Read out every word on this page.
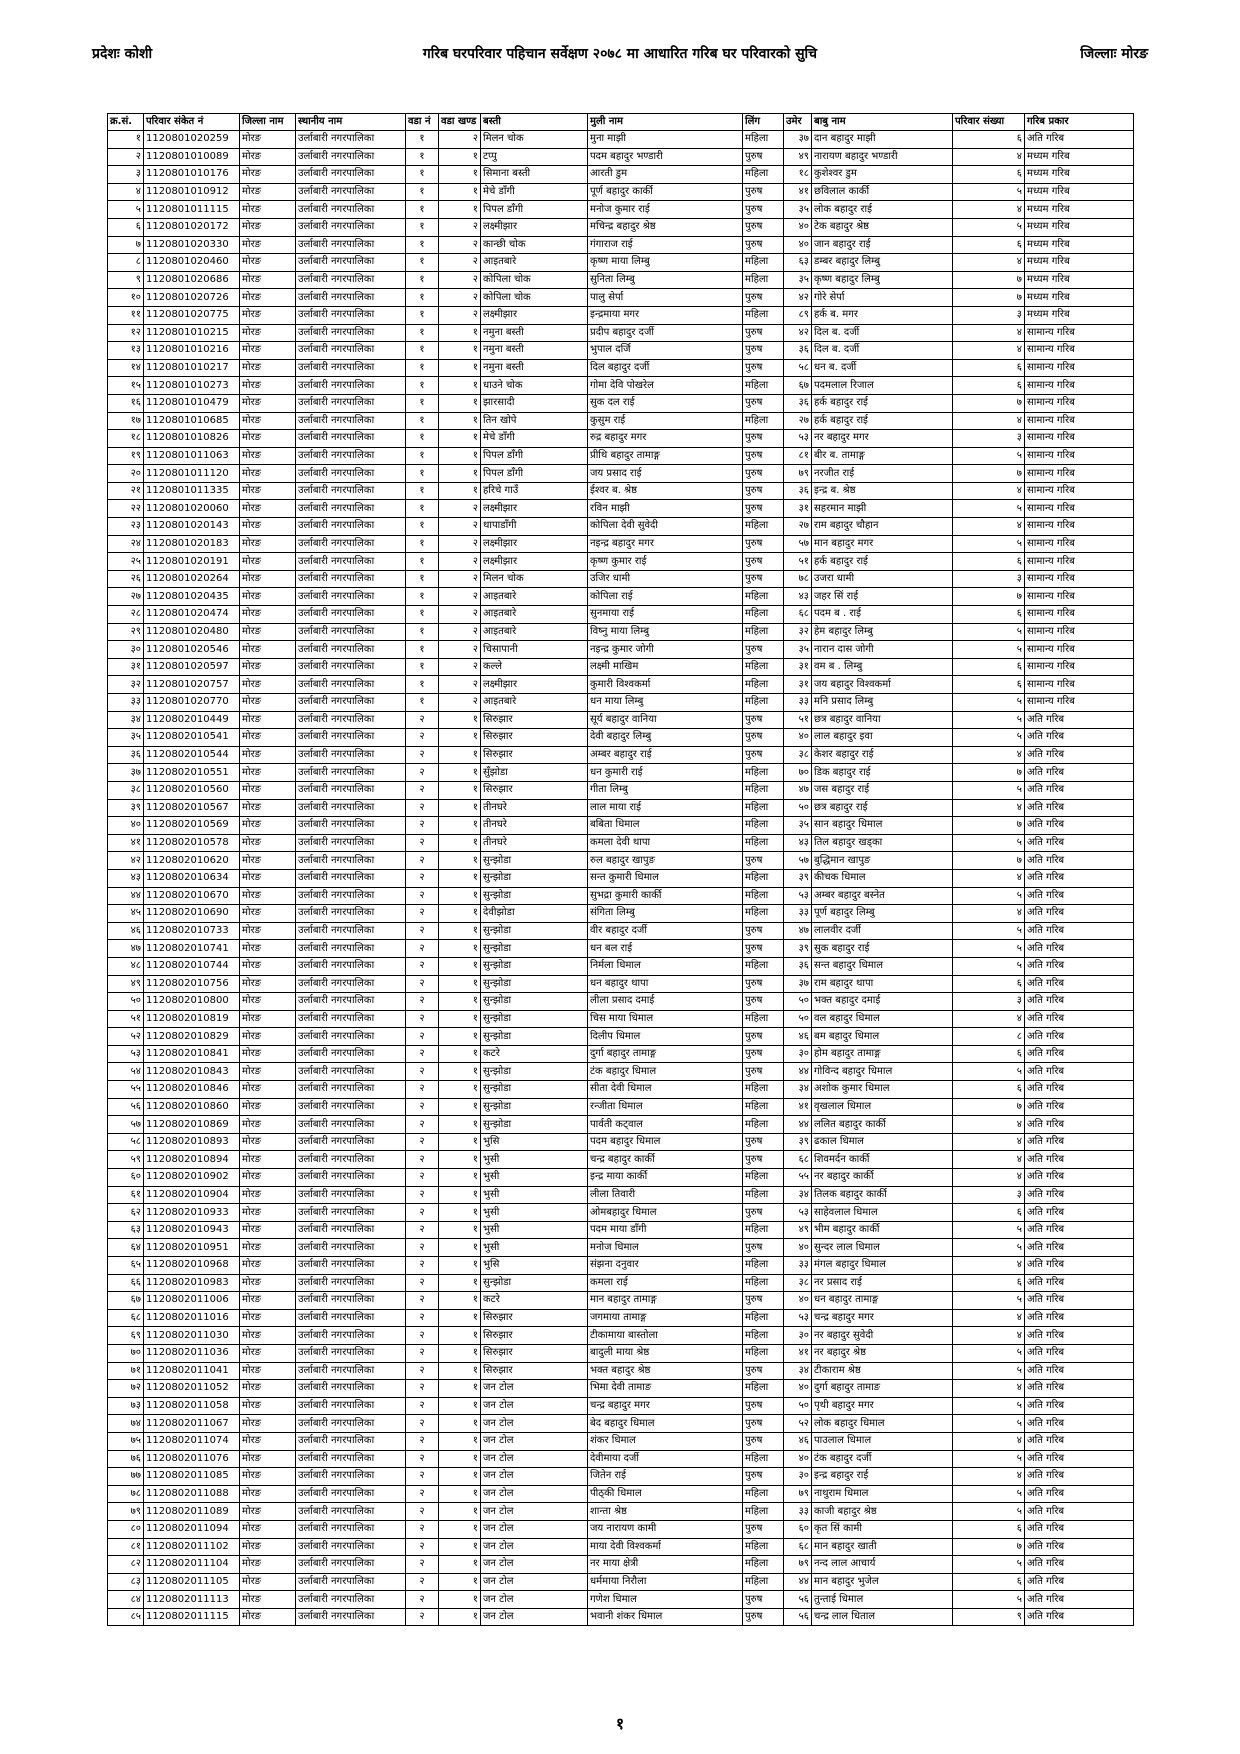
प्रदेशः कोशी	गरिब घरपरिवार पहिचान सर्वेक्षण २०७८ मा आधारित गरिब घर परिवारको सुचि	जिल्लाः मोरङ
क्र.सं.	परिवार संकेत नं	जिल्ला नाम	स्थानीय नाम	वडा नं	वडा खण्ड	बस्ती	मुली नाम	लिंग	उमेर	बाबु नाम	परिवार संख्या	गरिब प्रकार
१	1120801020259	मोरङ	उर्लाबारी नगरपालिका	१	२	मिलन चोक	मुना माझी	महिला	३७	दान बहादुर माझी	६	अति गरिब
२	1120801010089	मोरङ	उर्लाबारी नगरपालिका	१	१	टप्पु	पदम बहादुर भण्डारी	पुरुष	४९	नारायण बहादुर भण्डारी	४	मध्यम गरिब
३	1120801010176	मोरङ	उर्लाबारी नगरपालिका	१	१	सिमाना बस्ती	आरती डुम	महिला	१८	कुशेश्वर डुम	६	मध्यम गरिब
४	1120801010912	मोरङ	उर्लाबारी नगरपालिका	१	१	मेचे डाँगी	पूर्ण बहादुर कार्की	पुरुष	४१	छविलाल कार्की	५	मध्यम गरिब
५	1120801011115	मोरङ	उर्लाबारी नगरपालिका	१	१	पिपल डाँगी	मनोज कुमार राई	पुरुष	३५	लोक बहादुर राई	४	मध्यम गरिब
६	1120801020172	मोरङ	उर्लाबारी नगरपालिका	१	२	लक्ष्मीझार	मचिन्द्र बहादुर श्रेष्ठ	पुरुष	४०	टेक बहादुर श्रेष्ठ	५	मध्यम गरिब
७	1120801020330	मोरङ	उर्लाबारी नगरपालिका	१	२	कान्छी चोक	गंगाराज राई	पुरुष	४०	जान बहादुर राई	६	मध्यम गरिब
८	1120801020460	मोरङ	उर्लाबारी नगरपालिका	१	२	आइतबारे	कृष्ण माया लिम्बु	महिला	६३	डम्बर बहादुर लिम्बु	४	मध्यम गरिब
९	1120801020686	मोरङ	उर्लाबारी नगरपालिका	१	२	कोपिला चोक	सुनिता लिम्बु	महिला	३५	कृष्ण बहादुर लिम्बु	७	मध्यम गरिब
१०	1120801020726	मोरङ	उर्लाबारी नगरपालिका	१	२	कोपिला चोक	पालु सेर्पा	पुरुष	४२	गोरे सेर्पा	७	मध्यम गरिब
११	1120801020775	मोरङ	उर्लाबारी नगरपालिका	१	२	लक्ष्मीझार	इन्द्रमाया मगर	महिला	८९	हर्क ब. मगर	३	मध्यम गरिब
१२	1120801010215	मोरङ	उर्लाबारी नगरपालिका	१	१	नमुना बस्ती	प्रदीप बहादुर दर्जी	पुरुष	४२	दिल ब. दर्जी	४	सामान्य गरिब
१३	1120801010216	मोरङ	उर्लाबारी नगरपालिका	१	१	नमुना बस्ती	भुपाल दर्जि	पुरुष	३६	दिल ब. दर्जी	४	सामान्य गरिब
१४	1120801010217	मोरङ	उर्लाबारी नगरपालिका	१	१	नमुना बस्ती	दिल बहादुर दर्जी	पुरुष	५८	धन ब. दर्जी	६	सामान्य गरिब
१५	1120801010273	मोरङ	उर्लाबारी नगरपालिका	१	१	धाउने चोक	गोमा देवि पोखरेल	महिला	६७	पदमलाल रिजाल	६	सामान्य गरिब
१६	1120801010479	मोरङ	उर्लाबारी नगरपालिका	१	१	झारसादी	सुक दल राई	पुरुष	३६	हर्क बहादुर राई	७	सामान्य गरिब
१७	1120801010685	मोरङ	उर्लाबारी नगरपालिका	१	१	तिन खोपे	कुसुम राई	महिला	२७	हर्क बहादुर राई	४	सामान्य गरिब
१८	1120801010826	मोरङ	उर्लाबारी नगरपालिका	१	१	मेचे डाँगी	रुद्र बहादुर मगर	पुरुष	५३	नर बहादुर मगर	३	सामान्य गरिब
१९	1120801011063	मोरङ	उर्लाबारी नगरपालिका	१	१	पिपल डाँगी	प्रीथि बहादुर तामाङ्ग	पुरुष	८१	बीर ब. तामाङ्ग	५	सामान्य गरिब
२०	1120801011120	मोरङ	उर्लाबारी नगरपालिका	१	१	पिपल डाँगी	जय प्रसाद राई	पुरुष	७९	नरजीत राई	७	सामान्य गरिब
२१	1120801011335	मोरङ	उर्लाबारी नगरपालिका	१	१	हरिचे गाउँ	ईश्वर ब. श्रेष्ठ	पुरुष	३६	इन्द्र ब. श्रेष्ठ	४	सामान्य गरिब
२२	1120801020060	मोरङ	उर्लाबारी नगरपालिका	१	२	लक्ष्मीझार	रविन माझी	पुरुष	३१	सहरमान माझी	५	सामान्य गरिब
२३	1120801020143	मोरङ	उर्लाबारी नगरपालिका	१	२	थापाडाँगी	कोपिला देवी सुवेदी	महिला	२७	राम बहादुर चौहान	४	सामान्य गरिब
२४	1120801020183	मोरङ	उर्लाबारी नगरपालिका	१	२	लक्ष्मीझार	नइन्द्र बहादुर मगर	पुरुष	५७	मान बहादुर मगर	५	सामान्य गरिब
२५	1120801020191	मोरङ	उर्लाबारी नगरपालिका	१	२	लक्ष्मीझार	कृष्ण कुमार राई	पुरुष	५१	हर्क बहादुर राई	६	सामान्य गरिब
२६	1120801020264	मोरङ	उर्लाबारी नगरपालिका	१	२	मिलन चोक	उजिर धामी	पुरुष	७८	उजरा धामी	३	सामान्य गरिब
२७	1120801020435	मोरङ	उर्लाबारी नगरपालिका	१	२	आइतबारे	कोपिला राई	महिला	४३	जहर सिं राई	७	सामान्य गरिब
२८	1120801020474	मोरङ	उर्लाबारी नगरपालिका	१	२	आइतबारे	सुनमाया राई	महिला	६८	पदम ब . राई	६	सामान्य गरिब
२९	1120801020480	मोरङ	उर्लाबारी नगरपालिका	१	२	आइतबारे	विष्नु माया लिम्बु	महिला	३२	हेम बहादुर लिम्बु	५	सामान्य गरिब
३०	1120801020546	मोरङ	उर्लाबारी नगरपालिका	१	२	चिसापानी	नइन्द्र कुमार जोगी	पुरुष	३५	नारान दास जोगी	५	सामान्य गरिब
३१	1120801020597	मोरङ	उर्लाबारी नगरपालिका	१	२	कल्ले	लक्ष्मी माखिम	महिला	३१	वम ब . लिम्बु	६	सामान्य गरिब
३२	1120801020757	मोरङ	उर्लाबारी नगरपालिका	१	२	लक्ष्मीझार	कुमारी विश्वकर्मा	महिला	३१	जय बहादुर विश्वकर्मा	६	सामान्य गरिब
३३	1120801020770	मोरङ	उर्लाबारी नगरपालिका	१	२	आइतबारे	धन माया लिम्बु	महिला	३३	मनि प्रसाद लिम्बु	५	सामान्य गरिब
३४	1120802010449	मोरङ	उर्लाबारी नगरपालिका	२	१	सिरुझार	सूर्य बहादुर वानिया	पुरुष	५१	छत्र बहादुर वानिया	५	अति गरिब
३५	1120802010541	मोरङ	उर्लाबारी नगरपालिका	२	१	सिरुझार	देवी बहादुर लिम्बु	पुरुष	४०	लाल बहादुर इवा	५	अति गरिब
३६	1120802010544	मोरङ	उर्लाबारी नगरपालिका	२	१	सिरुझार	अम्बर बहादुर राई	पुरुष	३८	केशर बहादुर राई	४	अति गरिब
३७	1120802010551	मोरङ	उर्लाबारी नगरपालिका	२	१	सुँझोडा	धन कुमारी राई	महिला	७०	डिक बहादुर राई	७	अति गरिब
३८	1120802010560	मोरङ	उर्लाबारी नगरपालिका	२	१	सिरुझार	गीता लिम्बु	महिला	४७	जस बहादुर राई	५	अति गरिब
३९	1120802010567	मोरङ	उर्लाबारी नगरपालिका	२	१	तीनघरे	लाल माया राई	महिला	५०	छत्र बहादुर राई	४	अति गरिब
४०	1120802010569	मोरङ	उर्लाबारी नगरपालिका	२	१	तीनघरे	बबिता धिमाल	महिला	३५	सान बहादुर धिमाल	७	अति गरिब
४१	1120802010578	मोरङ	उर्लाबारी नगरपालिका	२	१	तीनघरे	कमला देवी थापा	महिला	४३	तिल बहादुर खड्का	५	अति गरिब
४२	1120802010620	मोरङ	उर्लाबारी नगरपालिका	२	१	सुन्झोडा	रुल बहादुर खापुङ	पुरुष	५७	बुद्धिमान खापुङ	७	अति गरिब
४३	1120802010634	मोरङ	उर्लाबारी नगरपालिका	२	१	सुन्झोडा	सन्त कुमारी धिमाल	महिला	३९	कीचक धिमाल	४	अति गरिब
४४	1120802010670	मोरङ	उर्लाबारी नगरपालिका	२	१	सुन्झोडा	सुभद्रा कुमारी कार्की	महिला	५३	अम्बर बहादुर बस्नेत	५	अति गरिब
४५	1120802010690	मोरङ	उर्लाबारी नगरपालिका	२	१	देवीझोडा	संगिता लिम्बु	महिला	३३	पूर्ण बहादुर लिम्बु	४	अति गरिब
४६	1120802010733	मोरङ	उर्लाबारी नगरपालिका	२	१	सुन्झोडा	वीर बहादुर दर्जी	पुरुष	४७	लालवीर दर्जी	५	अति गरिब
४७	1120802010741	मोरङ	उर्लाबारी नगरपालिका	२	१	सुन्झोडा	धन बल राई	पुरुष	३९	सुक बहादुर राई	५	अति गरिब
४८	1120802010744	मोरङ	उर्लाबारी नगरपालिका	२	१	सुन्झोडा	निर्मला धिमाल	महिला	३६	सन्त बहादुर धिमाल	५	अति गरिब
४९	1120802010756	मोरङ	उर्लाबारी नगरपालिका	२	१	सुन्झोडा	धन बहादुर थापा	पुरुष	३७	राम बहादुर थापा	६	अति गरिब
५०	1120802010800	मोरङ	उर्लाबारी नगरपालिका	२	१	सुन्झोडा	लीला प्रसाद दमाई	पुरुष	५०	भक्त बहादुर दमाई	३	अति गरिब
५१	1120802010819	मोरङ	उर्लाबारी नगरपालिका	२	१	सुन्झोडा	चिस माया धिमाल	महिला	५०	वल बहादुर धिमाल	४	अति गरिब
५२	1120802010829	मोरङ	उर्लाबारी नगरपालिका	२	१	सुन्झोडा	दिलीप धिमाल	पुरुष	४६	बम बहादुर धिमाल	८	अति गरिब
५३	1120802010841	मोरङ	उर्लाबारी नगरपालिका	२	१	कटरे	दुर्गा बहादुर तामाङ्ग	पुरुष	३०	होम बहादुर तामाङ्ग	६	अति गरिब
५४	1120802010843	मोरङ	उर्लाबारी नगरपालिका	२	१	सुन्झोडा	टंक बहादुर धिमाल	पुरुष	४४	गोविन्द बहादुर धिमाल	५	अति गरिब
५५	1120802010846	मोरङ	उर्लाबारी नगरपालिका	२	१	सुन्झोडा	सीता देवी धिमाल	महिला	३४	अशोक कुमार धिमाल	६	अति गरिब
५६	1120802010860	मोरङ	उर्लाबारी नगरपालिका	२	१	सुन्झोडा	रन्जीता धिमाल	महिला	४१	वृखलाल धिमाल	७	अति गरिब
५७	1120802010869	मोरङ	उर्लाबारी नगरपालिका	२	१	सुन्झोडा	पार्वती कट्वाल	महिला	४४	ललित बहादुर कार्की	४	अति गरिब
५८	1120802010893	मोरङ	उर्लाबारी नगरपालिका	२	१	भुसि	पदम बहादुर धिमाल	पुरुष	३९	ढकाल धिमाल	४	अति गरिब
५९	1120802010894	मोरङ	उर्लाबारी नगरपालिका	२	१	भुसी	चन्द्र बहादुर कार्की	पुरुष	६८	शिवमर्दन कार्की	४	अति गरिब
६०	1120802010902	मोरङ	उर्लाबारी नगरपालिका	२	१	भुसी	इन्द्र माया कार्की	महिला	५५	नर बहादुर कार्की	४	अति गरिब
६१	1120802010904	मोरङ	उर्लाबारी नगरपालिका	२	१	भुसी	लीला तिवारी	महिला	३४	तिलक बहादुर कार्की	३	अति गरिब
६२	1120802010933	मोरङ	उर्लाबारी नगरपालिका	२	१	भुसी	ओमबहादुर धिमाल	पुरुष	५३	साहेवलाल धिमाल	६	अति गरिब
६३	1120802010943	मोरङ	उर्लाबारी नगरपालिका	२	१	भुसी	पदम माया डाँगी	महिला	४९	भीम बहादुर कार्की	५	अति गरिब
६४	1120802010951	मोरङ	उर्लाबारी नगरपालिका	२	१	भुसी	मनोज धिमाल	पुरुष	४०	सुन्दर लाल धिमाल	५	अति गरिब
६५	1120802010968	मोरङ	उर्लाबारी नगरपालिका	२	१	भुसि	संझना दनुवार	महिला	३३	मंगल बहादुर धिमाल	४	अति गरिब
६६	1120802010983	मोरङ	उर्लाबारी नगरपालिका	२	१	सुन्झोडा	कमला राई	महिला	३८	नर प्रसाद राई	६	अति गरिब
६७	1120802011006	मोरङ	उर्लाबारी नगरपालिका	२	१	कटरे	मान बहादुर तामाङ्ग	पुरुष	४०	धन बहादुर तामाङ्ग	५	अति गरिब
६८	1120802011016	मोरङ	उर्लाबारी नगरपालिका	२	१	सिरुझार	जगमाया तामाङ्ग	महिला	५३	चन्द्र बहादुर मगर	४	अति गरिब
६९	1120802011030	मोरङ	उर्लाबारी नगरपालिका	२	१	सिरुझार	टीकामाया बास्तोला	महिला	३०	नर बहादुर सुवेदी	४	अति गरिब
७०	1120802011036	मोरङ	उर्लाबारी नगरपालिका	२	१	सिरुझार	बादुली माया श्रेष्ठ	महिला	४१	नर बहादुर श्रेष्ठ	५	अति गरिब
७१	1120802011041	मोरङ	उर्लाबारी नगरपालिका	२	१	सिरुझार	भक्त बहादुर श्रेष्ठ	पुरुष	३४	टीकाराम श्रेष्ठ	५	अति गरिब
७२	1120802011052	मोरङ	उर्लाबारी नगरपालिका	२	१	जन टोल	भिमा देवी तामाङ	महिला	४०	दुर्गा बहादुर तामाङ	४	अति गरिब
७३	1120802011058	मोरङ	उर्लाबारी नगरपालिका	२	१	जन टोल	चन्द्र बहादुर मगर	पुरुष	५०	पृथी बहादुर मगर	५	अति गरिब
७४	1120802011067	मोरङ	उर्लाबारी नगरपालिका	२	१	जन टोल	बेद बहादुर धिमाल	पुरुष	५२	लोक बहादुर धिमाल	५	अति गरिब
७५	1120802011074	मोरङ	उर्लाबारी नगरपालिका	२	१	जन टोल	शंकर धिमाल	पुरुष	४६	पाउलाल धिमाल	४	अति गरिब
७६	1120802011076	मोरङ	उर्लाबारी नगरपालिका	२	१	जन टोल	देवीमाया दर्जी	महिला	४०	टंक बहादुर दर्जी	५	अति गरिब
७७	1120802011085	मोरङ	उर्लाबारी नगरपालिका	२	१	जन टोल	जितेन राई	पुरुष	३०	इन्द्र बहादुर राई	४	अति गरिब
७८	1120802011088	मोरङ	उर्लाबारी नगरपालिका	२	१	जन टोल	पीठ्की धिमाल	महिला	७९	नाथुराम धिमाल	५	अति गरिब
७९	1120802011089	मोरङ	उर्लाबारी नगरपालिका	२	१	जन टोल	शान्ता श्रेष्ठ	महिला	३३	काजी बहादुर श्रेष्ठ	५	अति गरिब
८०	1120802011094	मोरङ	उर्लाबारी नगरपालिका	२	१	जन टोल	जय नारायण कामी	पुरुष	६०	कृत सिं कामी	६	अति गरिब
८१	1120802011102	मोरङ	उर्लाबारी नगरपालिका	२	१	जन टोल	माया देवी विश्वकर्मा	महिला	६८	मान बहादुर खाती	७	अति गरिब
८२	1120802011104	मोरङ	उर्लाबारी नगरपालिका	२	१	जन टोल	नर माया क्षेत्री	महिला	७९	नन्द लाल आचार्य	५	अति गरिब
८३	1120802011105	मोरङ	उर्लाबारी नगरपालिका	२	१	जन टोल	धर्ममाया निरौला	महिला	४४	मान बहादुर भुजेल	६	अति गरिब
८४	1120802011113	मोरङ	उर्लाबारी नगरपालिका	२	१	जन टोल	गणेश धिमाल	पुरुष	५६	तुन्ताई धिमाल	५	अति गरिब
८५	1120802011115	मोरङ	उर्लाबारी नगरपालिका	२	१	जन टोल	भवानी शंकर धिमाल	पुरुष	५६	चन्द्र लाल धिताल	९	अति गरिब
१
